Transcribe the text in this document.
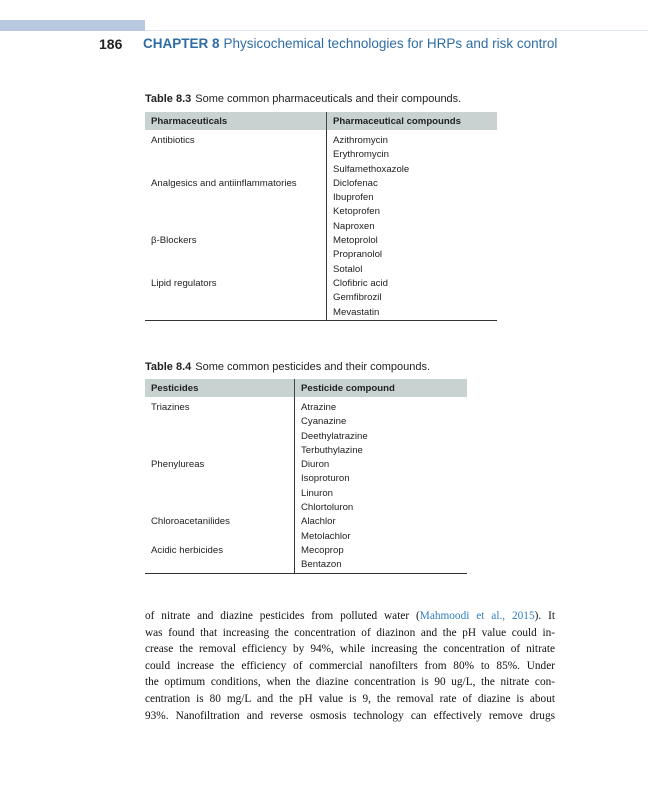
186 CHAPTER 8 Physicochemical technologies for HRPs and risk control
Table 8.3 Some common pharmaceuticals and their compounds.
Pharmaceuticals	Pharmaceutical compounds
Antibiotics	Azithromycin
	Erythromycin
	Sulfamethoxazole
Analgesics and antiinflammatories	Diclofenac
	Ibuprofen
	Ketoprofen
	Naproxen
β-Blockers	Metoprolol
	Propranolol
	Sotalol
Lipid regulators	Clofibric acid
	Gemfibrozil
	Mevastatin
Table 8.4 Some common pesticides and their compounds.
Pesticides	Pesticide compound
Triazines	Atrazine
	Cyanazine
	Deethylatrazine
	Terbuthylazine
Phenylureas	Diuron
	Isoproturon
	Linuron
	Chlortoluron
Chloroacetanilides	Alachlor
	Metolachlor
Acidic herbicides	Mecoprop
	Bentazon
of nitrate and diazine pesticides from polluted water (Mahmoodi et al., 2015). It
was found that increasing the concentration of diazinon and the pH value could in-
crease the removal efficiency by 94%, while increasing the concentration of nitrate
could increase the efficiency of commercial nanofilters from 80% to 85%. Under
the optimum conditions, when the diazine concentration is 90 ug/L, the nitrate con-
centration is 80 mg/L and the pH value is 9, the removal rate of diazine is about
93%. Nanofiltration and reverse osmosis technology can effectively remove drugs
